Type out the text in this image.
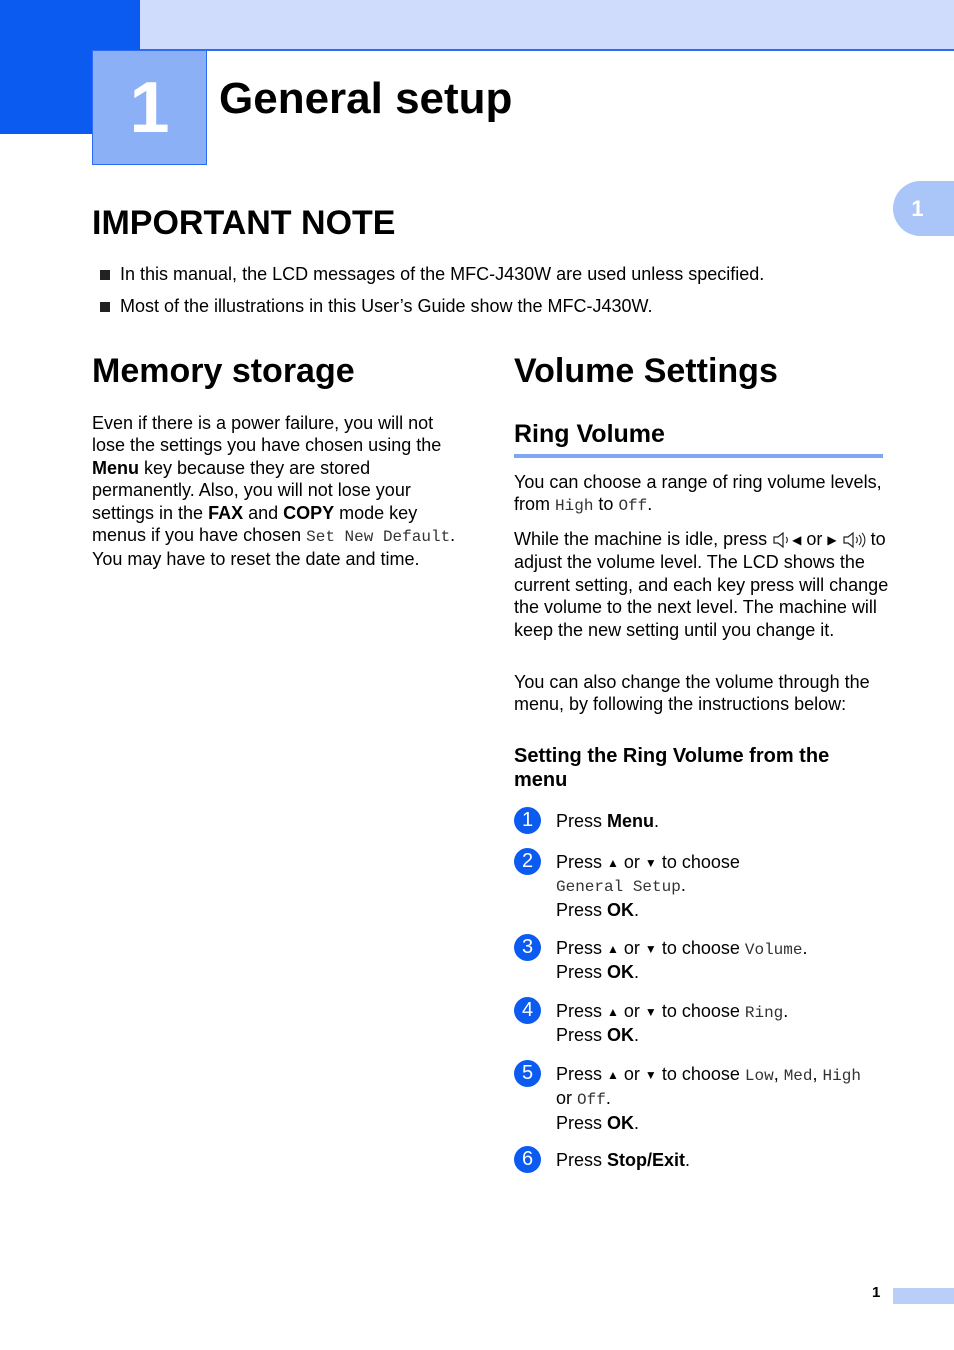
1 General setup
1
IMPORTANT NOTE
In this manual, the LCD messages of the MFC-J430W are used unless specified.
Most of the illustrations in this User’s Guide show the MFC-J430W.
Memory storage

Even if there is a power failure, you will not lose the settings you have chosen using the Menu key because they are stored permanently. Also, you will not lose your settings in the FAX and COPY mode key menus if you have chosen Set New Default. You may have to reset the date and time.

Volume Settings
Ring Volume

You can choose a range of ring volume levels, from High to Off.

While the machine is idle, press ◀ or ▶  to adjust the volume level. The LCD shows the current setting, and each key press will change the volume to the next level. The machine will keep the new setting until you change it.

You can also change the volume through the menu, by following the instructions below:

Setting the Ring Volume from the menu
1	Press Menu.
2	Press ▲ or ▼ to choose
General Setup.
Press OK.
3	Press ▲ or ▼ to choose Volume.
Press OK.
4	Press ▲ or ▼ to choose Ring.
Press OK.
5	Press ▲ or ▼ to choose Low, Med, High
or Off.
Press OK.
6	Press Stop/Exit.
1
